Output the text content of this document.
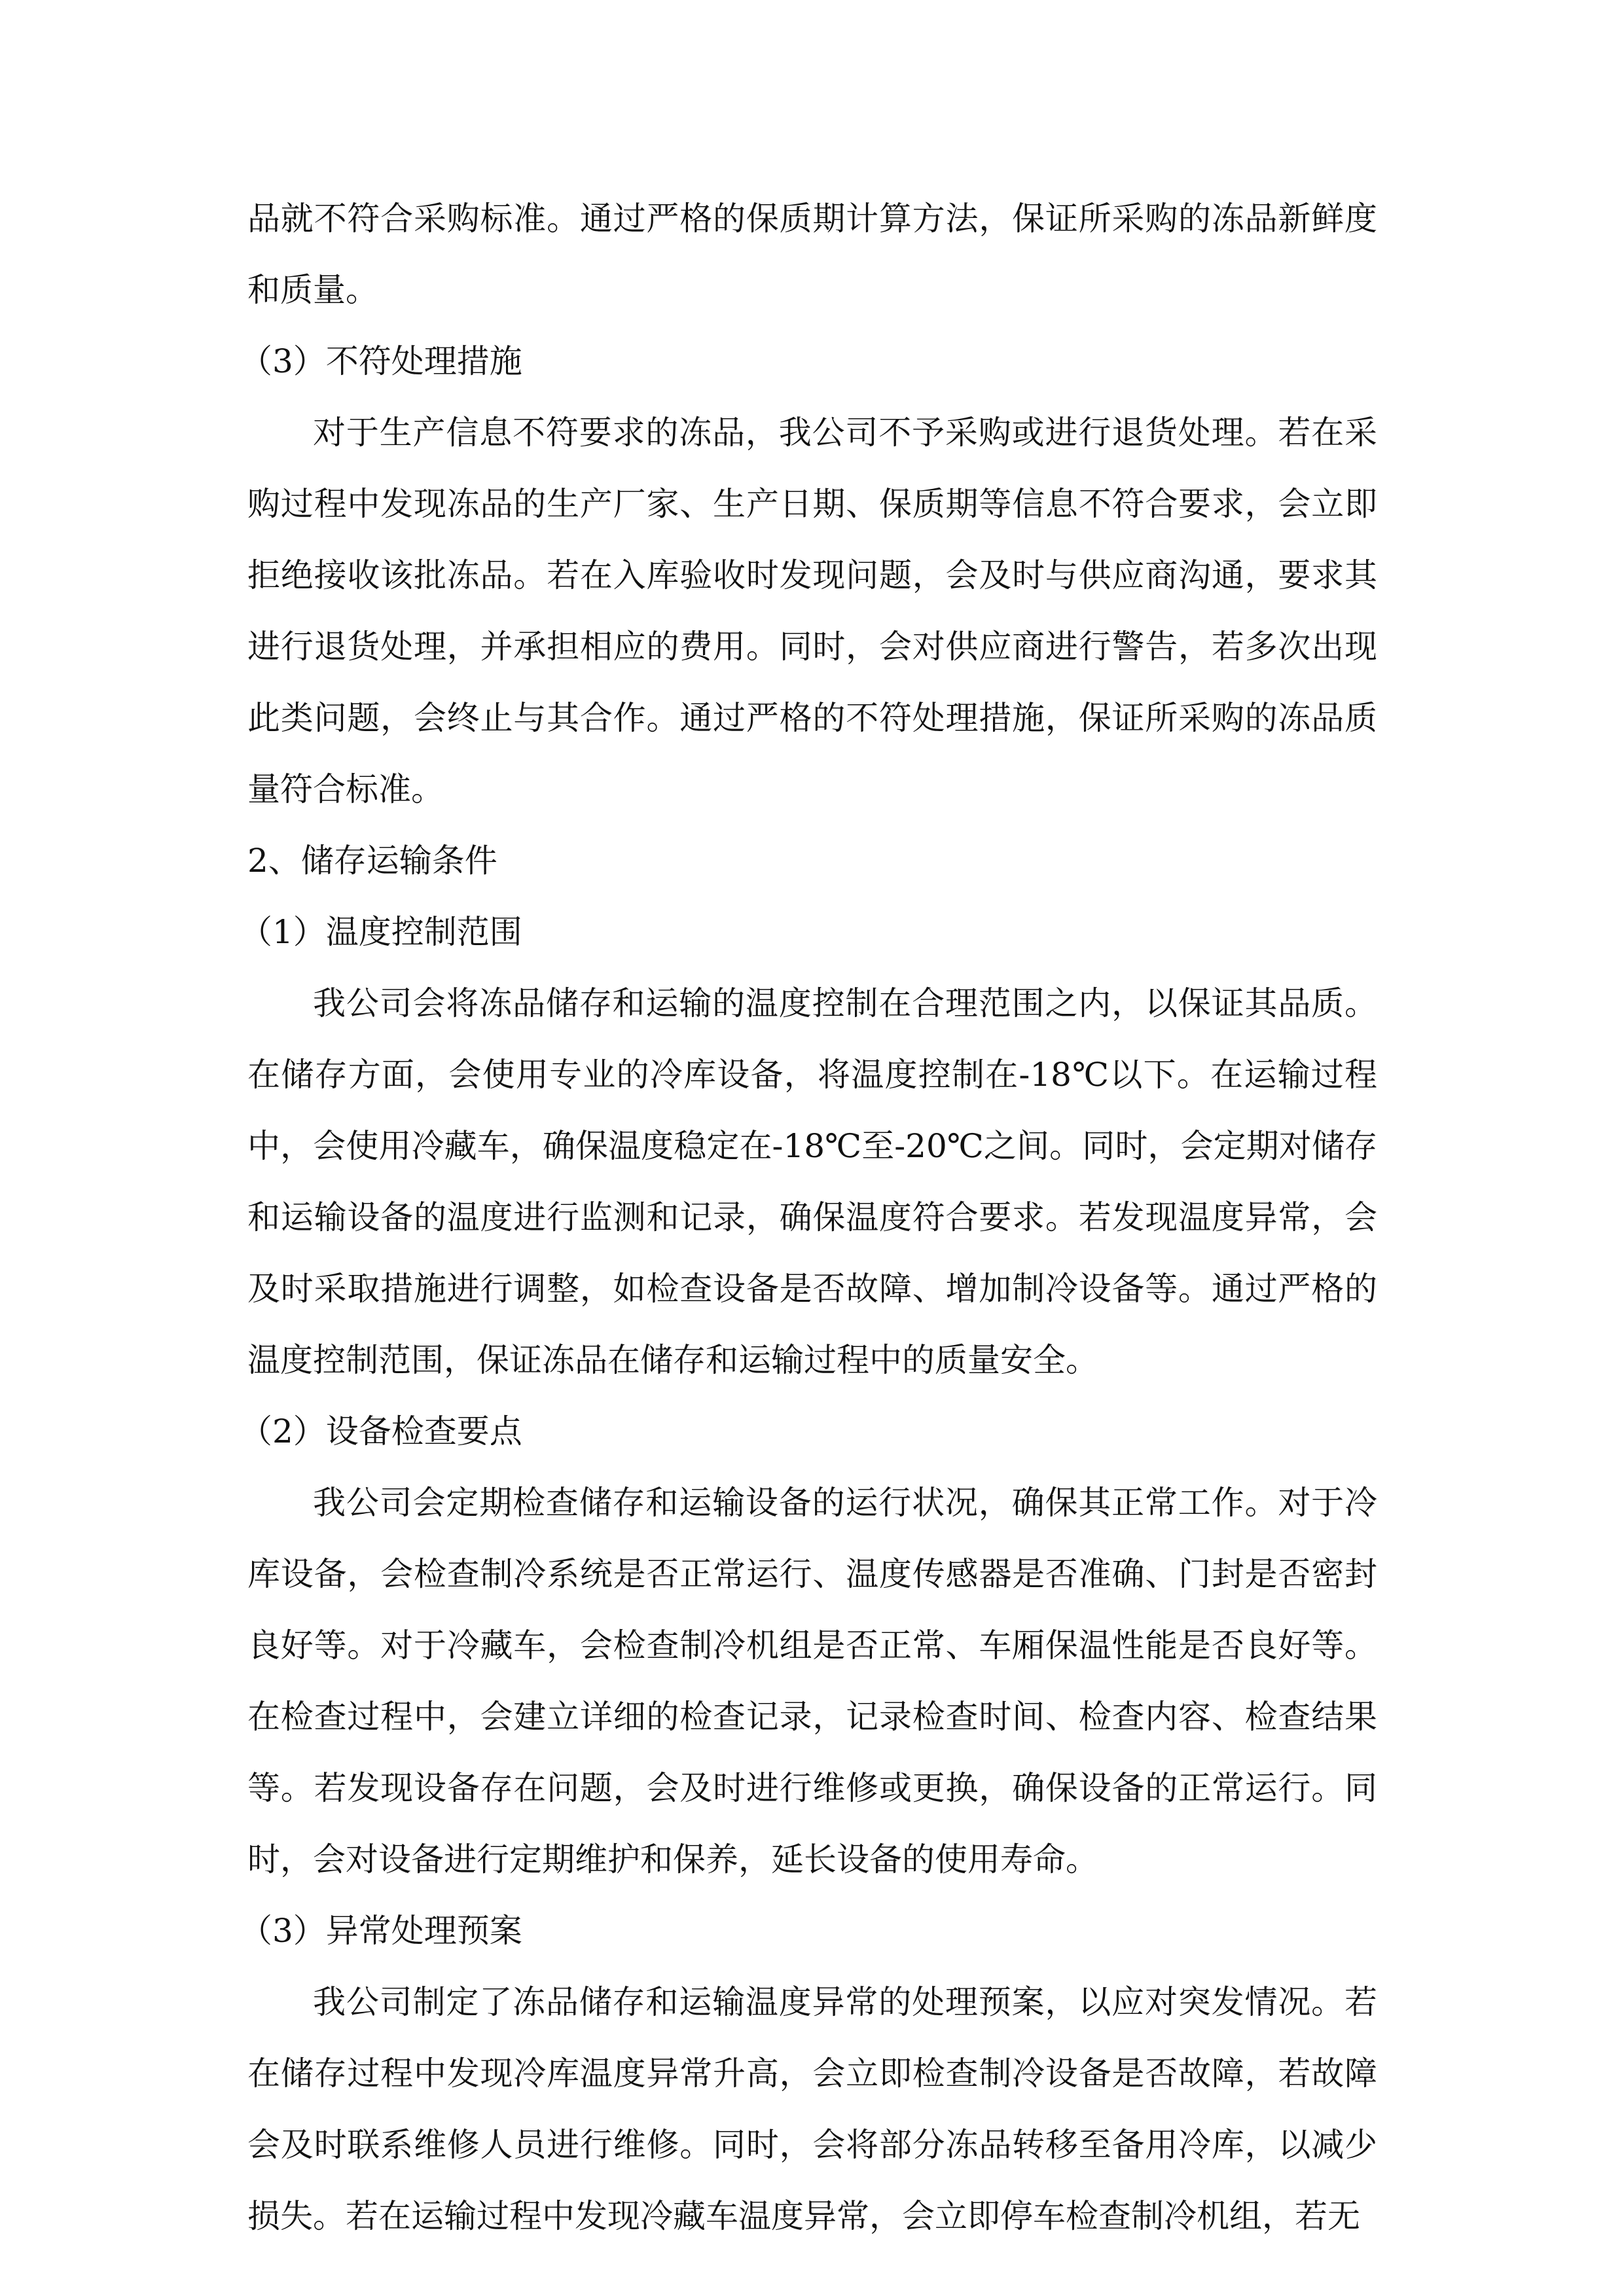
品就不符合采购标准。通过严格的保质期计算方法，保证所采购的冻品新鲜度和质量。

（3）不符处理措施

对于生产信息不符要求的冻品，我公司不予采购或进行退货处理。若在采购过程中发现冻品的生产厂家、生产日期、保质期等信息不符合要求，会立即拒绝接收该批冻品。若在入库验收时发现问题，会及时与供应商沟通，要求其进行退货处理，并承担相应的费用。同时，会对供应商进行警告，若多次出现此类问题，会终止与其合作。通过严格的不符处理措施，保证所采购的冻品质量符合标准。

2、储存运输条件

（1）温度控制范围

我公司会将冻品储存和运输的温度控制在合理范围之内，以保证其品质。在储存方面，会使用专业的冷库设备，将温度控制在-18℃以下。在运输过程中，会使用冷藏车，确保温度稳定在-18℃至-20℃之间。同时，会定期对储存和运输设备的温度进行监测和记录，确保温度符合要求。若发现温度异常，会及时采取措施进行调整，如检查设备是否故障、增加制冷设备等。通过严格的温度控制范围，保证冻品在储存和运输过程中的质量安全。

（2）设备检查要点

我公司会定期检查储存和运输设备的运行状况，确保其正常工作。对于冷库设备，会检查制冷系统是否正常运行、温度传感器是否准确、门封是否密封良好等。对于冷藏车，会检查制冷机组是否正常、车厢保温性能是否良好等。在检查过程中，会建立详细的检查记录，记录检查时间、检查内容、检查结果等。若发现设备存在问题，会及时进行维修或更换，确保设备的正常运行。同时，会对设备进行定期维护和保养，延长设备的使用寿命。

（3）异常处理预案

我公司制定了冻品储存和运输温度异常的处理预案，以应对突发情况。若在储存过程中发现冷库温度异常升高，会立即检查制冷设备是否故障，若故障会及时联系维修人员进行维修。同时，会将部分冻品转移至备用冷库，以减少损失。若在运输过程中发现冷藏车温度异常，会立即停车检查制冷机组，若无
